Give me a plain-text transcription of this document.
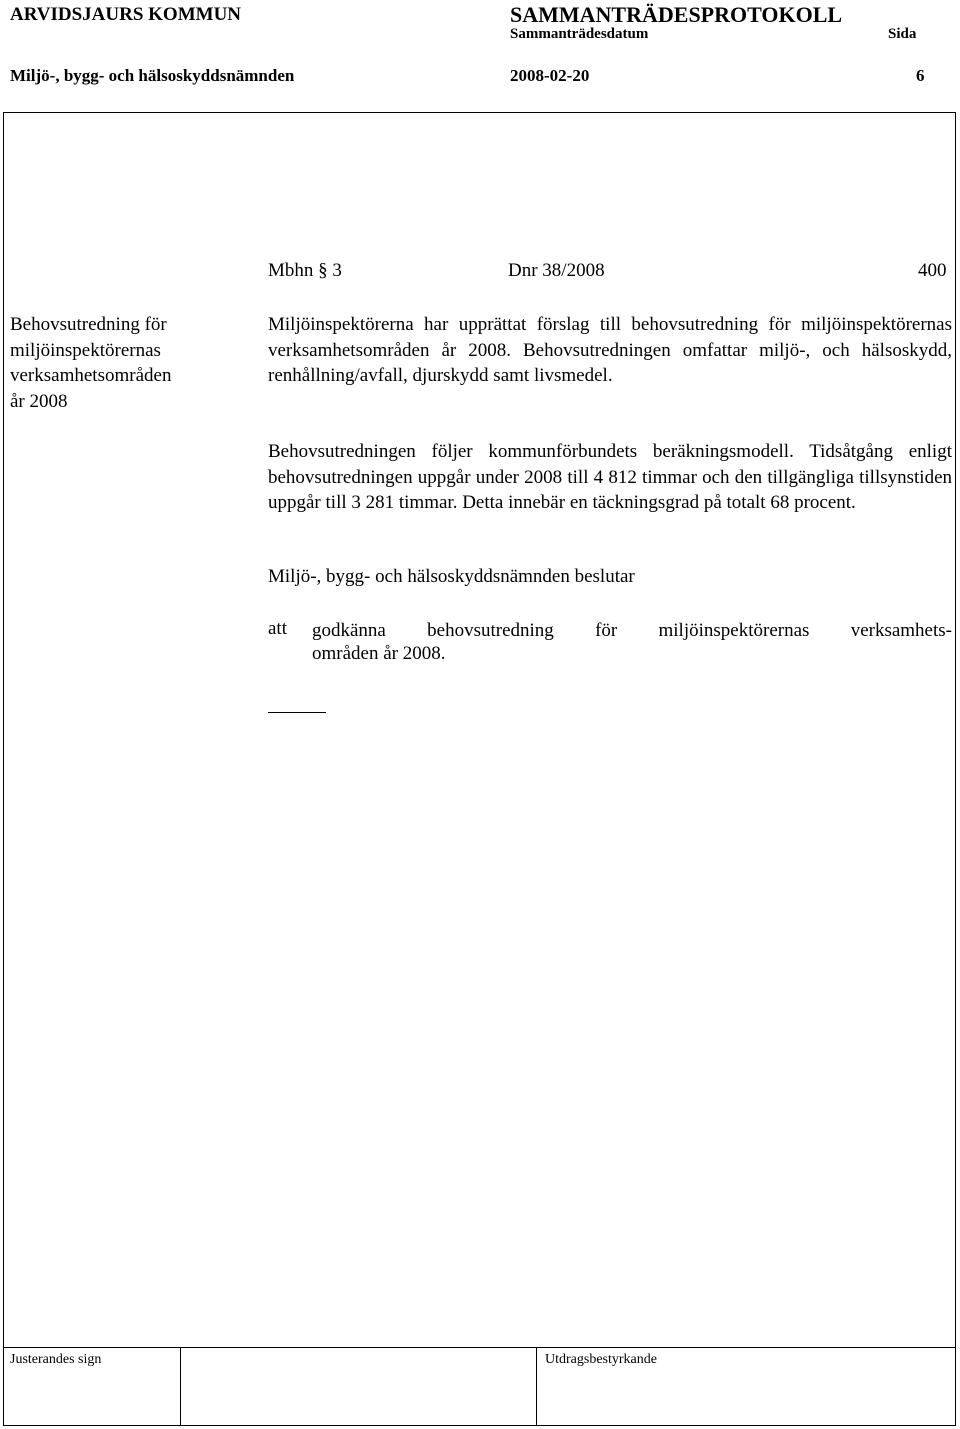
ARVIDSJAURS KOMMUN	SAMMANTRÄDESPROTOKOLL
Sammanträdesdatum	Sida
Miljö-, bygg- och hälsoskyddsnämnden	2008-02-20	6
Mbhn § 3	Dnr 38/2008	400
Behovsutredning för
miljöinspektörernas
verksamhetsområden
år 2008
Miljöinspektörerna har upprättat förslag till behovsutredning för miljöinspektörernas verksamhetsområden år 2008. Behovsutredningen omfattar miljö-, och hälsoskydd, renhållning/avfall, djurskydd samt livsmedel.
Behovsutredningen följer kommunförbundets beräkningsmodell. Tidsåtgång enligt behovsutredningen uppgår under 2008 till 4 812 timmar och den tillgängliga tillsynstiden uppgår till 3 281 timmar. Detta innebär en täckningsgrad på totalt 68 procent.
Miljö-, bygg- och hälsoskyddsnämnden beslutar
att godkänna behovsutredning för miljöinspektörernas verksamhets-
områden år 2008.
Justerandes sign	Utdragsbestyrkande
